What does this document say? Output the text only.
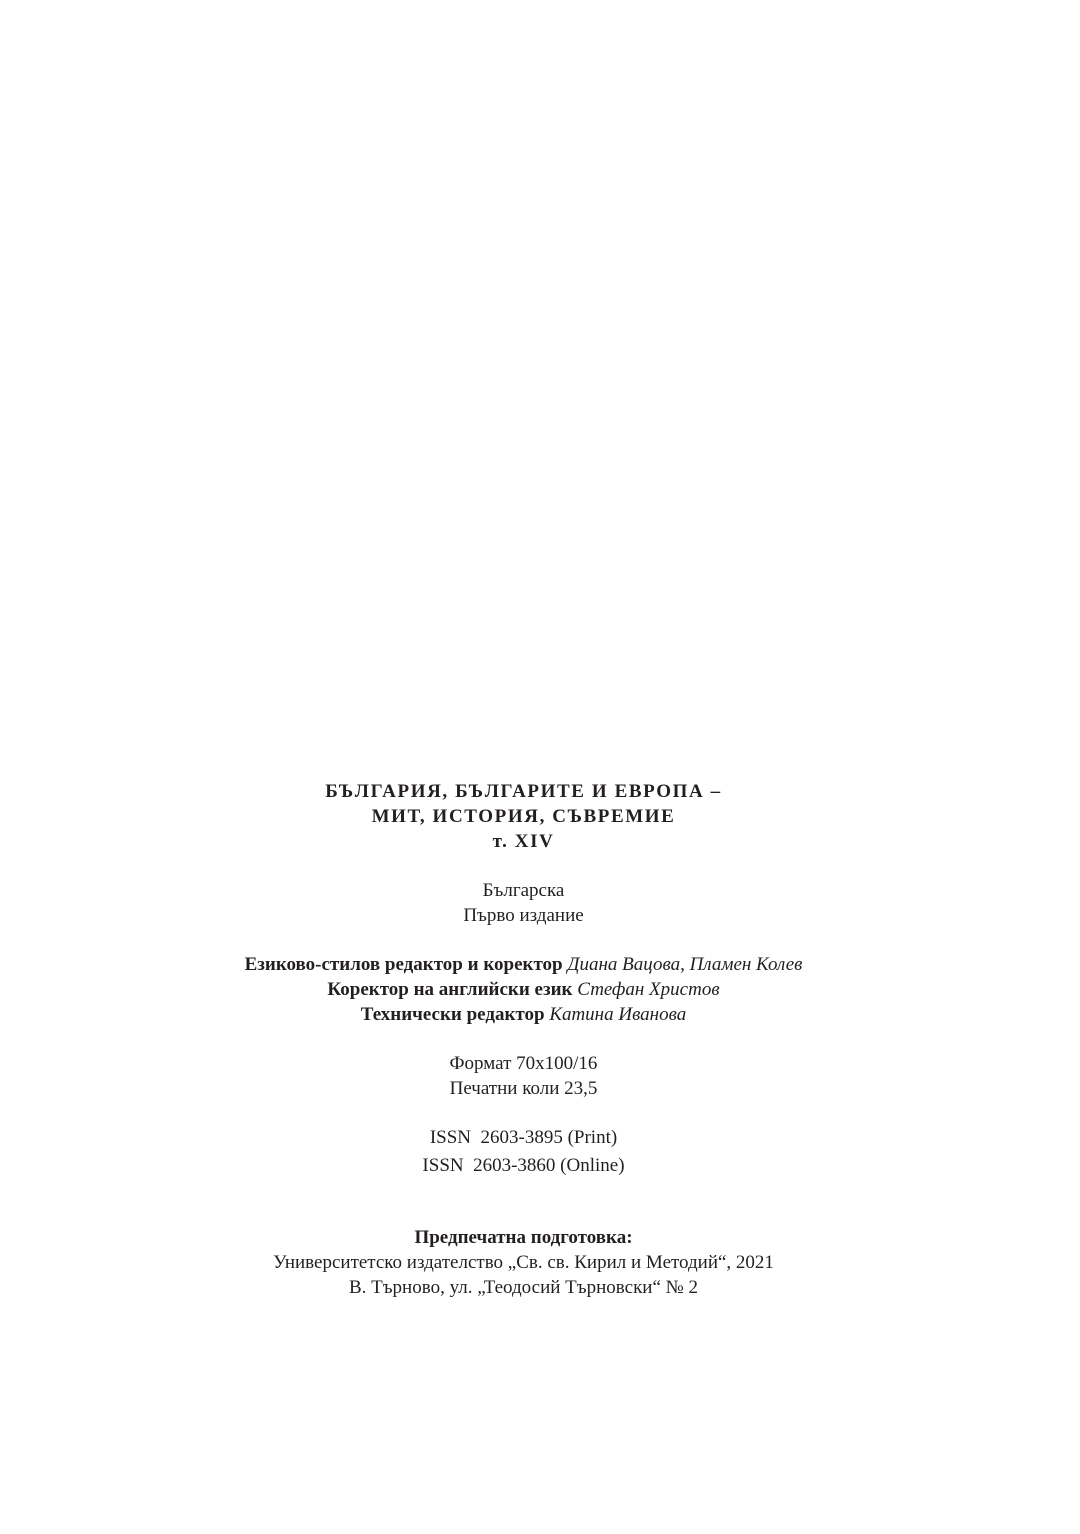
БЪЛГАРИЯ, БЪЛГАРИТЕ И ЕВРОПА –
МИТ, ИСТОРИЯ, СЪВРЕМИЕ
т. XIV
Българска
Първо издание
Езиково-стилов редактор и коректор Диана Вацова, Пламен Колев
Коректор на английски език Стефан Христов
Технически редактор Катина Иванова
Формат 70х100/16
Печатни коли 23,5
ISSN  2603-3895 (Print)
ISSN  2603-3860 (Online)
Предпечатна подготовка:
Университетско издателство „Св. св. Кирил и Методий“, 2021
В. Търново, ул. „Теодосий Търновски“ № 2
